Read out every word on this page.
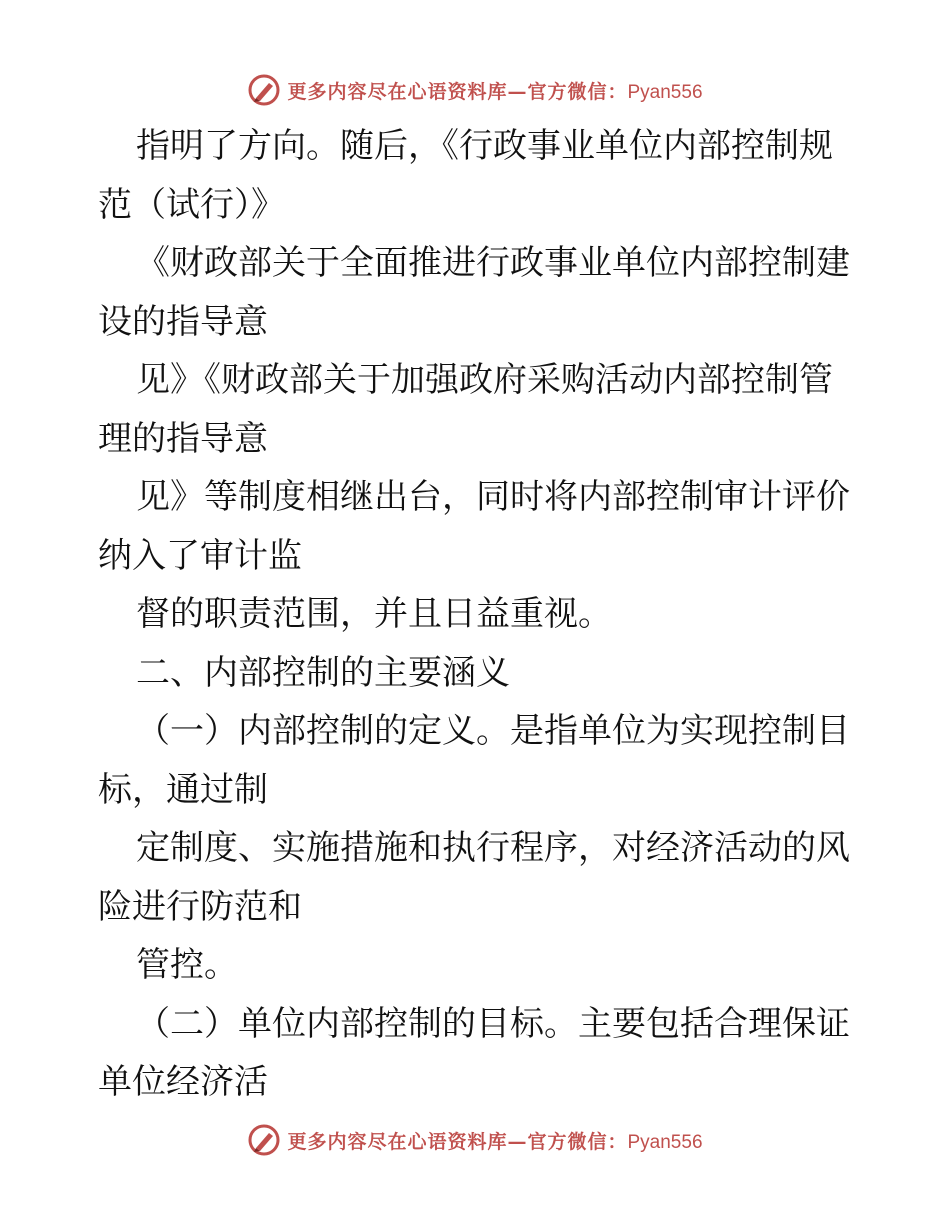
更多内容尽在心语资料库—官方微信：Pyan556
指明了方向。随后，《行政事业单位内部控制规
范（试行）》
《财政部关于全面推进行政事业单位内部控制建
设的指导意
见》《财政部关于加强政府采购活动内部控制管
理的指导意
见》等制度相继出台，同时将内部控制审计评价
纳入了审计监
督的职责范围，并且日益重视。
二、内部控制的主要涵义
（一）内部控制的定义。是指单位为实现控制目
标，通过制
定制度、实施措施和执行程序，对经济活动的风
险进行防范和
管控。
（二）单位内部控制的目标。主要包括合理保证
单位经济活
更多内容尽在心语资料库—官方微信：Pyan556
